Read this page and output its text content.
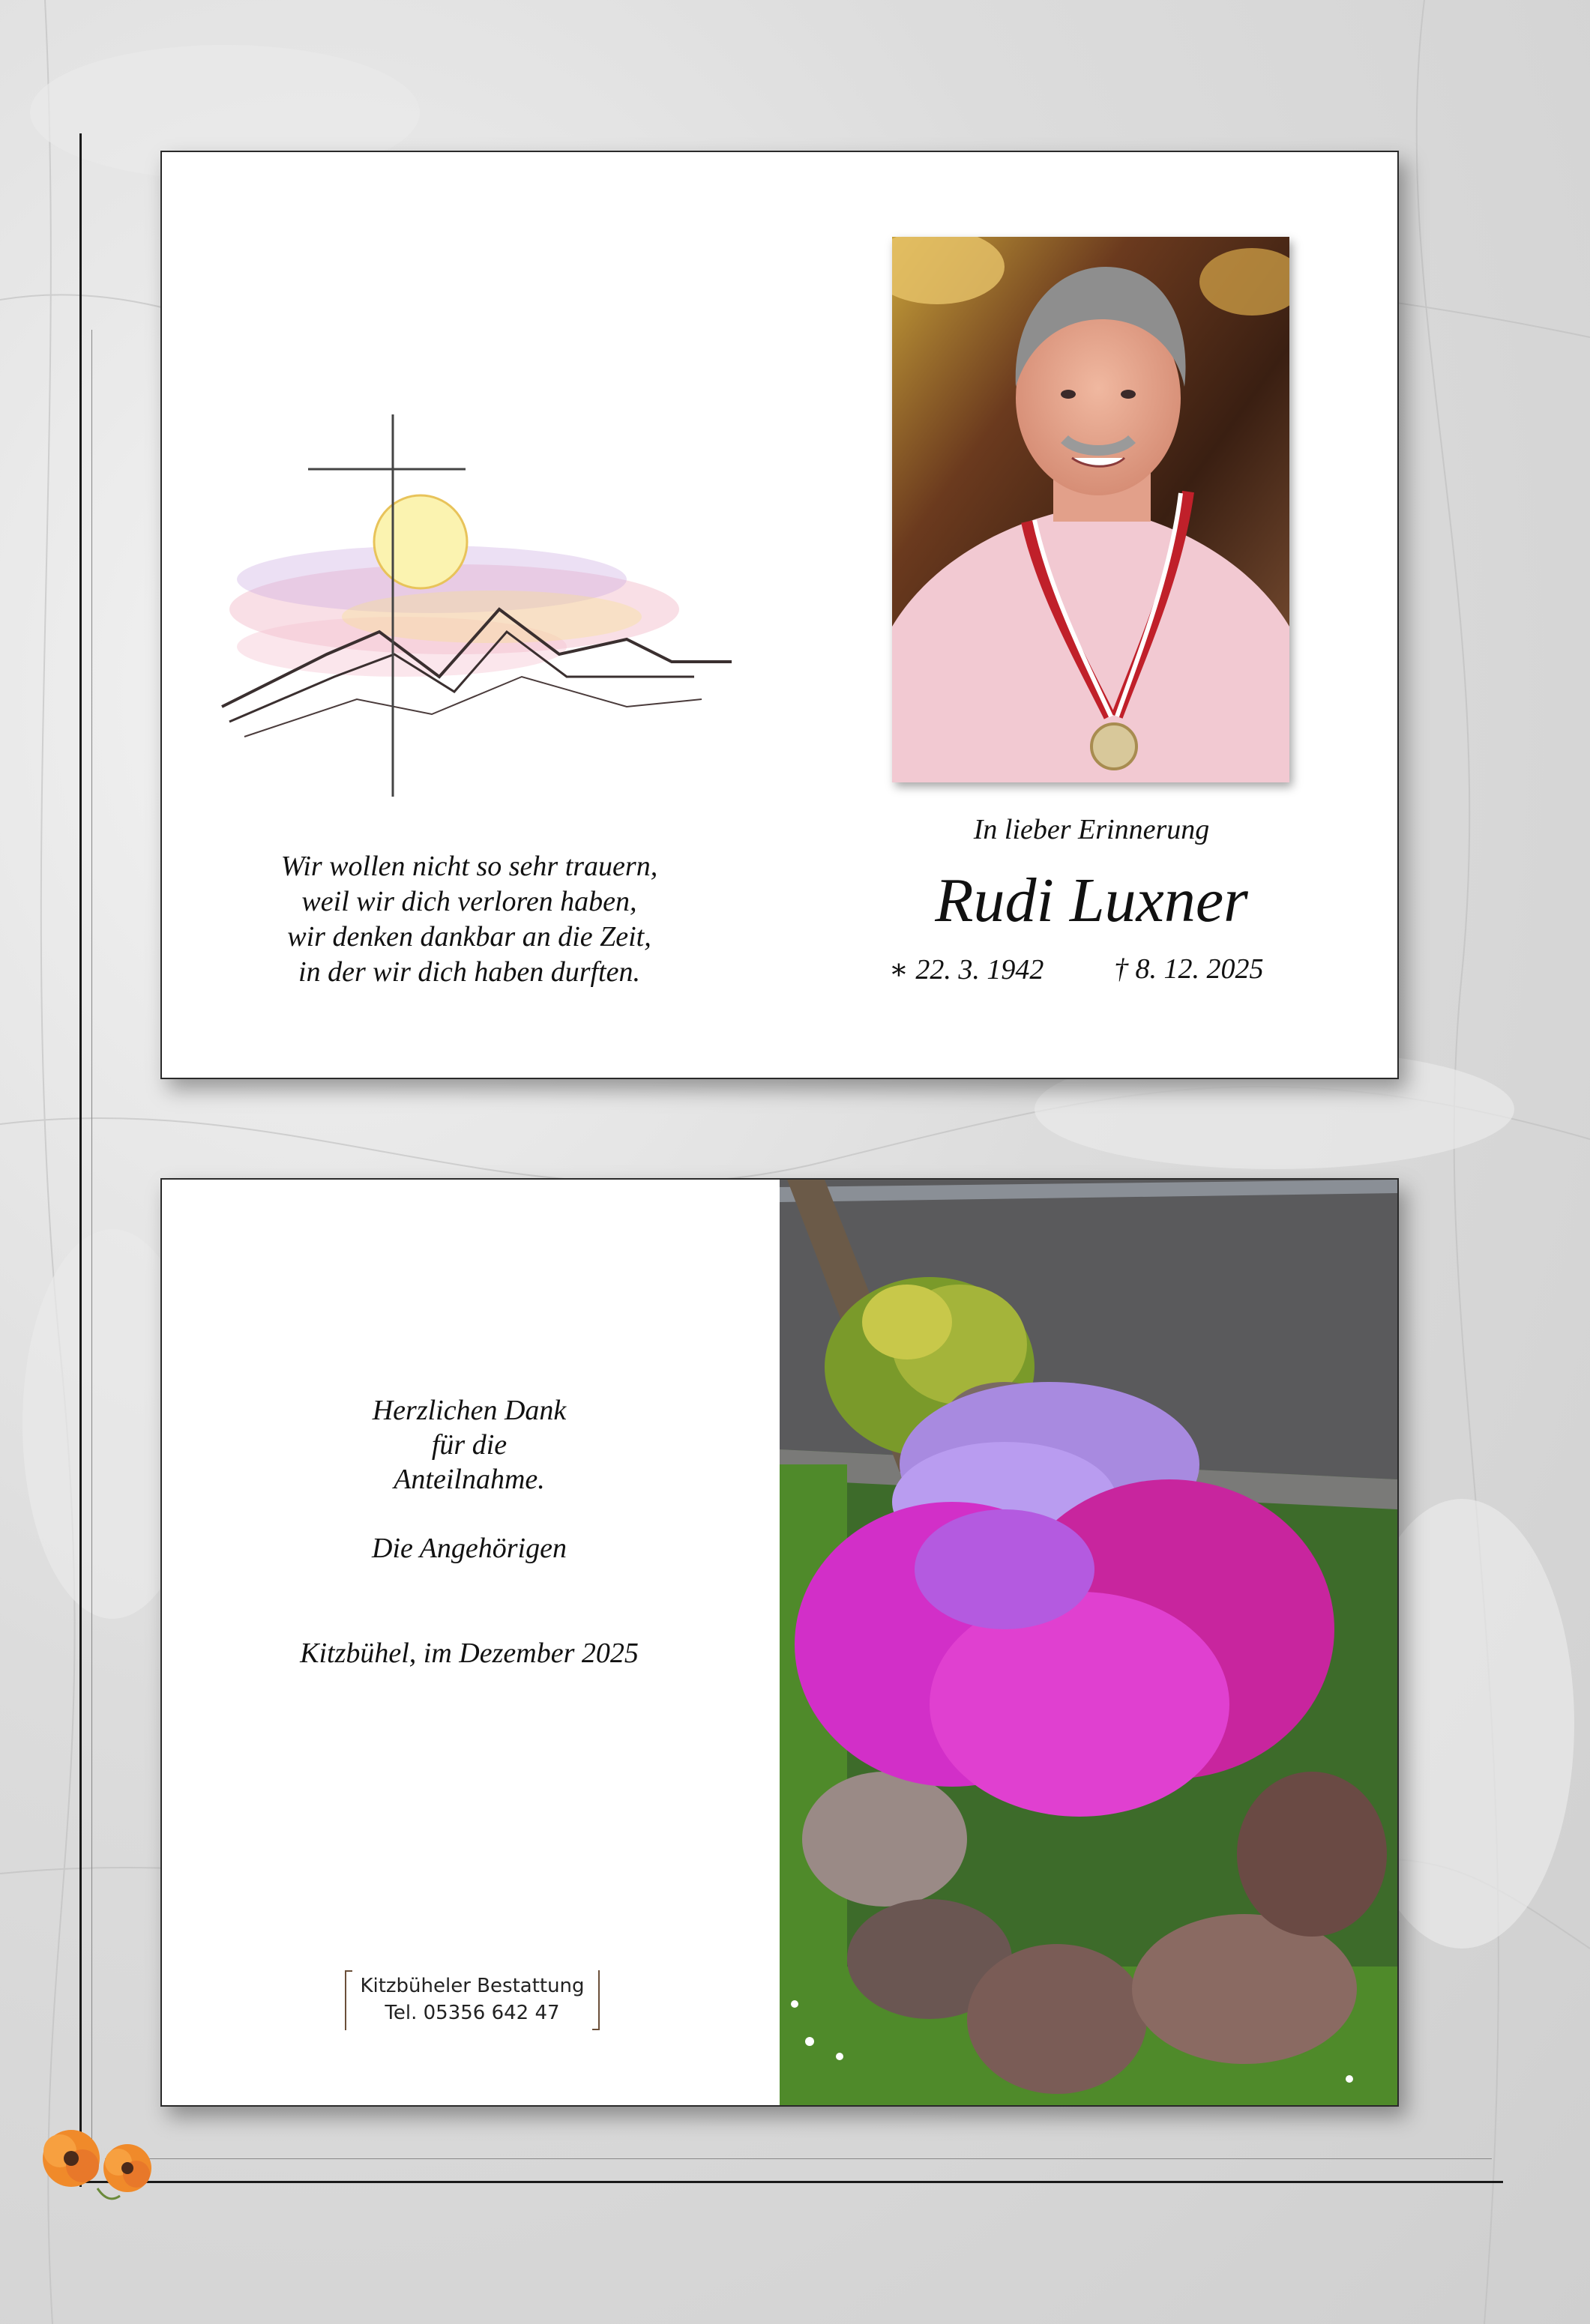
Wir wollen nicht so sehr trauern,
weil wir dich verloren haben,
wir denken dankbar an die Zeit,
in der wir dich haben durften.
In lieber Erinnerung
Rudi Luxner
∗ 22. 3. 1942 † 8. 12. 2025
Herzlichen Dank
für die
Anteilnahme.
Die Angehörigen
Kitzbühel, im Dezember 2025
Kitzbüheler Bestattung
Tel. 05356 642 47
